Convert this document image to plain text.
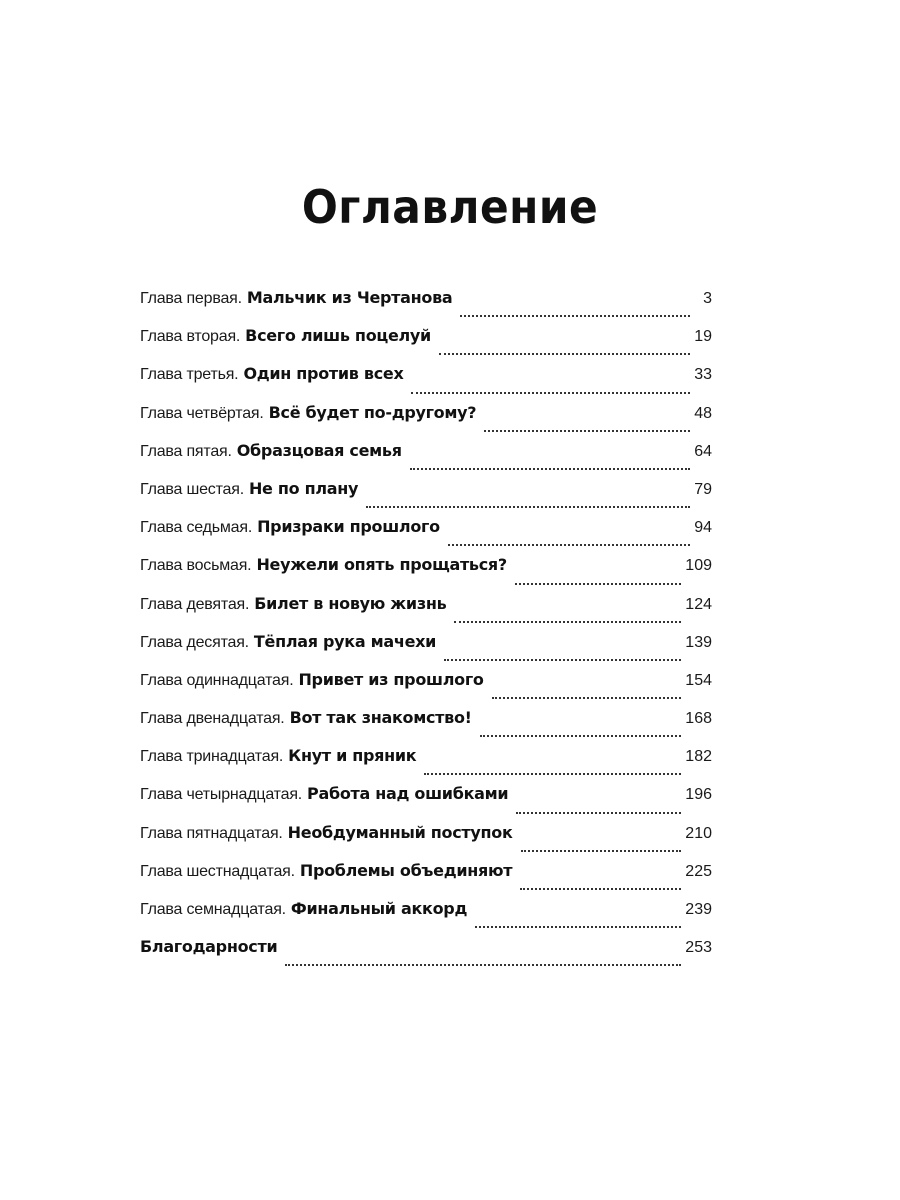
Оглавление
Глава первая. Мальчик из Чертанова	3
Глава вторая. Всего лишь поцелуй	19
Глава третья. Один против всех	33
Глава четвёртая. Всё будет по-другому?	48
Глава пятая. Образцовая семья	64
Глава шестая. Не по плану	79
Глава седьмая. Призраки прошлого	94
Глава восьмая. Неужели опять прощаться?	109
Глава девятая. Билет в новую жизнь	124
Глава десятая. Тёплая рука мачехи	139
Глава одиннадцатая. Привет из прошлого	154
Глава двенадцатая. Вот так знакомство!	168
Глава тринадцатая. Кнут и пряник	182
Глава четырнадцатая. Работа над ошибками	196
Глава пятнадцатая. Необдуманный поступок	210
Глава шестнадцатая. Проблемы объединяют	225
Глава семнадцатая. Финальный аккорд	239
Благодарности	253
